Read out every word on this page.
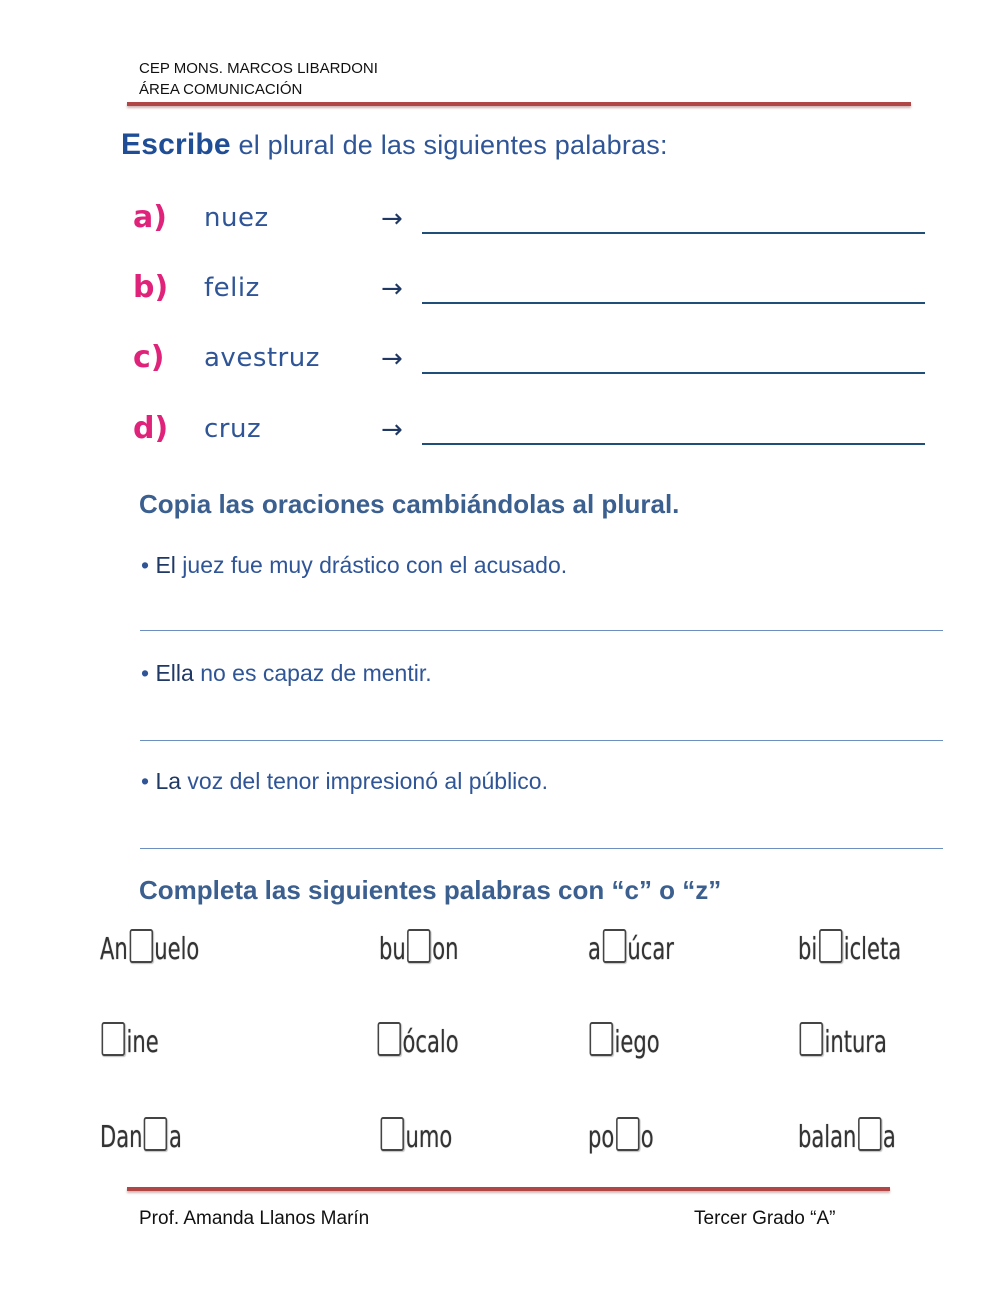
CEP MONS. MARCOS LIBARDONI
ÁREA COMUNICACIÓN
Escribe el plural de las siguientes palabras:
a) nuez	→
b) feliz	→
c) avestruz →
d) cruz	→
Copia las oraciones cambiándolas al plural.
• El juez fue muy drástico con el acusado.
• Ella no es capaz de mentir.
• La voz del tenor impresionó al público.
Completa las siguientes palabras con “c” o “z”
An uelo	bu on	a úcar	bi icleta
ine	ócalo	iego	intura
Dan a	umo	po o	balan a
Prof. Amanda Llanos Marín	Tercer Grado “A”
